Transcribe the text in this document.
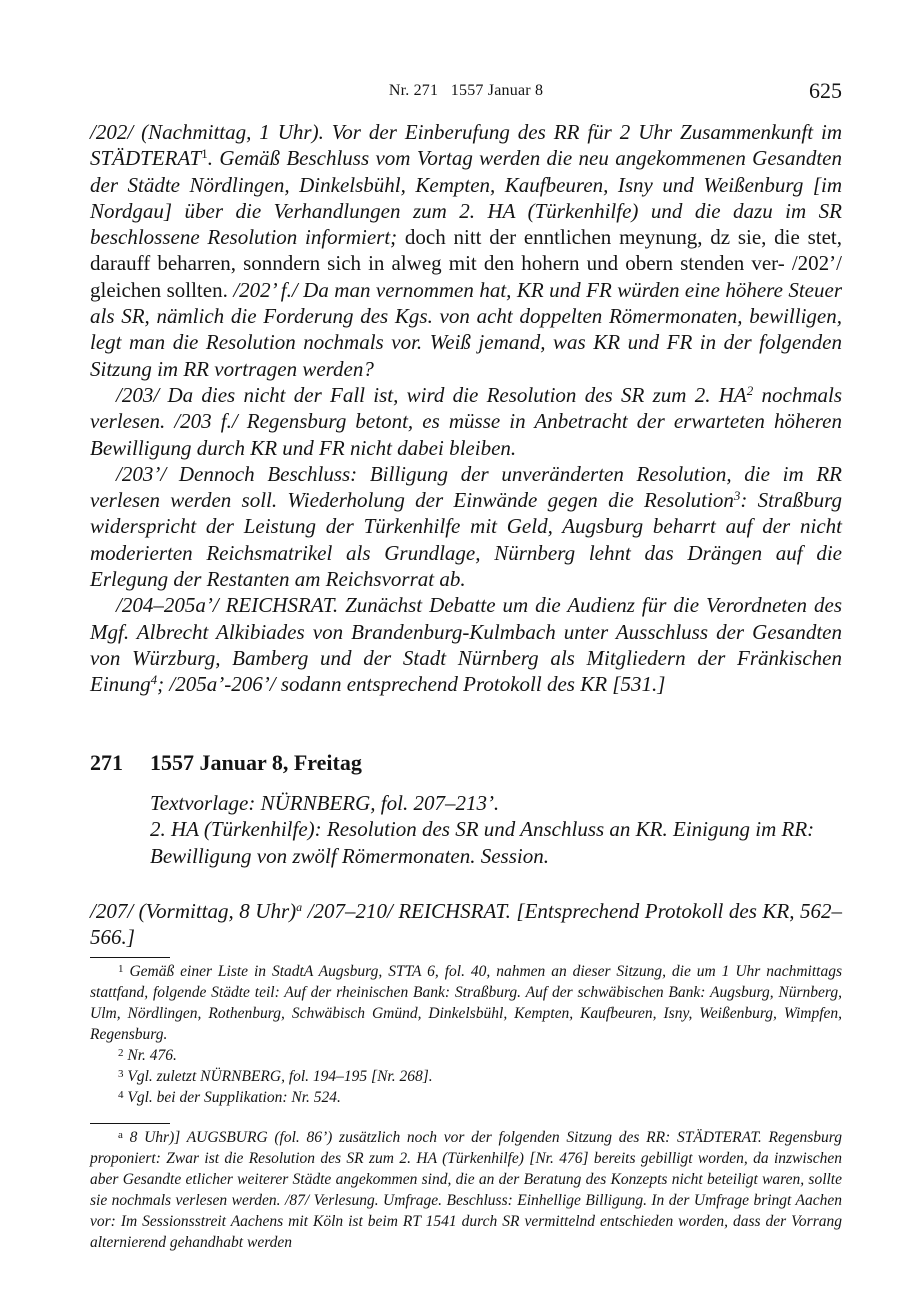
Nr. 271   1557 Januar 8	625

/202/ (Nachmittag, 1 Uhr). Vor der Einberufung des RR für 2 Uhr Zusammenkunft im STÄDTERAT$^1$. Gemäß Beschluss vom Vortag werden die neu angekommenen Gesandten der Städte Nördlingen, Dinkelsbühl, Kempten, Kaufbeuren, Isny und Weißenburg [im Nordgau] über die Verhandlungen zum 2. HA (Türkenhilfe) und die dazu im SR beschlossene Resolution informiert; doch nitt der enntlichen meynung, dz sie, die stet, darauff beharren, sonndern sich in alweg mit den hohern und obern stenden ver- /202’/ gleichen sollten. /202’ f./ Da man vernommen hat, KR und FR würden eine höhere Steuer als SR, nämlich die Forderung des Kgs. von acht doppelten Römermonaten, bewilligen, legt man die Resolution nochmals vor. Weiß jemand, was KR und FR in der folgenden Sitzung im RR vortragen werden?

/203/ Da dies nicht der Fall ist, wird die Resolution des SR zum 2. $HA^2$ nochmals verlesen. /203 f./ Regensburg betont, es müsse in Anbetracht der erwarteten höheren Bewilligung durch KR und FR nicht dabei bleiben.

/203’/ Dennoch Beschluss: Billigung der unveränderten Resolution, die im RR verlesen werden soll. Wiederholung der Einwände gegen die Resolution$^3$: Straßburg widerspricht der Leistung der Türkenhilfe mit Geld, Augsburg beharrt auf der nicht moderierten Reichsmatrikel als Grundlage, Nürnberg lehnt das Drängen auf die Erlegung der Restanten am Reichsvorrat ab.

/204–205a’/ REICHSRAT. Zunächst Debatte um die Audienz für die Verordneten des Mgf. Albrecht Alkibiades von Brandenburg-Kulmbach unter Ausschluss der Gesandten von Würzburg, Bamberg und der Stadt Nürnberg als Mitgliedern der Fränkischen Einung$^4$; /205a’-206’/ sodann entsprechend Protokoll des KR [531.]

271 1557 Januar 8, Freitag
Textvorlage: NÜRNBERG, fol. 207–213’.
2. HA (Türkenhilfe): Resolution des SR und Anschluss an KR. Einigung im RR:
Bewilligung von zwölf Römermonaten. Session.
/207/ (Vormittag, 8 Uhr)$^a$ /207–210/ REICHSRAT. [Entsprechend Protokoll des KR, 562–566.]

$^1$ Gemäß einer Liste in StadtA Augsburg, STTA 6, fol. 40, nahmen an dieser Sitzung, die um 1 Uhr nachmittags stattfand, folgende Städte teil: Auf der rheinischen Bank: Straßburg. Auf der schwäbischen Bank: Augsburg, Nürnberg, Ulm, Nördlingen, Rothenburg, Schwäbisch Gmünd, Dinkelsbühl, Kempten, Kaufbeuren, Isny, Weißenburg, Wimpfen, Regensburg.

$^2$ Nr. 476.

$^3$ Vgl. zuletzt NÜRNBERG, fol. 194–195 [Nr. 268].

$^4$ Vgl. bei der Supplikation: Nr. 524.

$^a$ 8 Uhr)] AUGSBURG (fol. 86’) zusätzlich noch vor der folgenden Sitzung des RR: STÄDTERAT. Regensburg proponiert: Zwar ist die Resolution des SR zum 2. HA (Türkenhilfe) [Nr. 476] bereits gebilligt worden, da inzwischen aber Gesandte etlicher weiterer Städte angekommen sind, die an der Beratung des Konzepts nicht beteiligt waren, sollte sie nochmals verlesen werden. /87/ Verlesung. Umfrage. Beschluss: Einhellige Billigung. In der Umfrage bringt Aachen vor: Im Sessionsstreit Aachens mit Köln ist beim RT 1541 durch SR vermittelnd entschieden worden, dass der Vorrang alternierend gehandhabt werden
